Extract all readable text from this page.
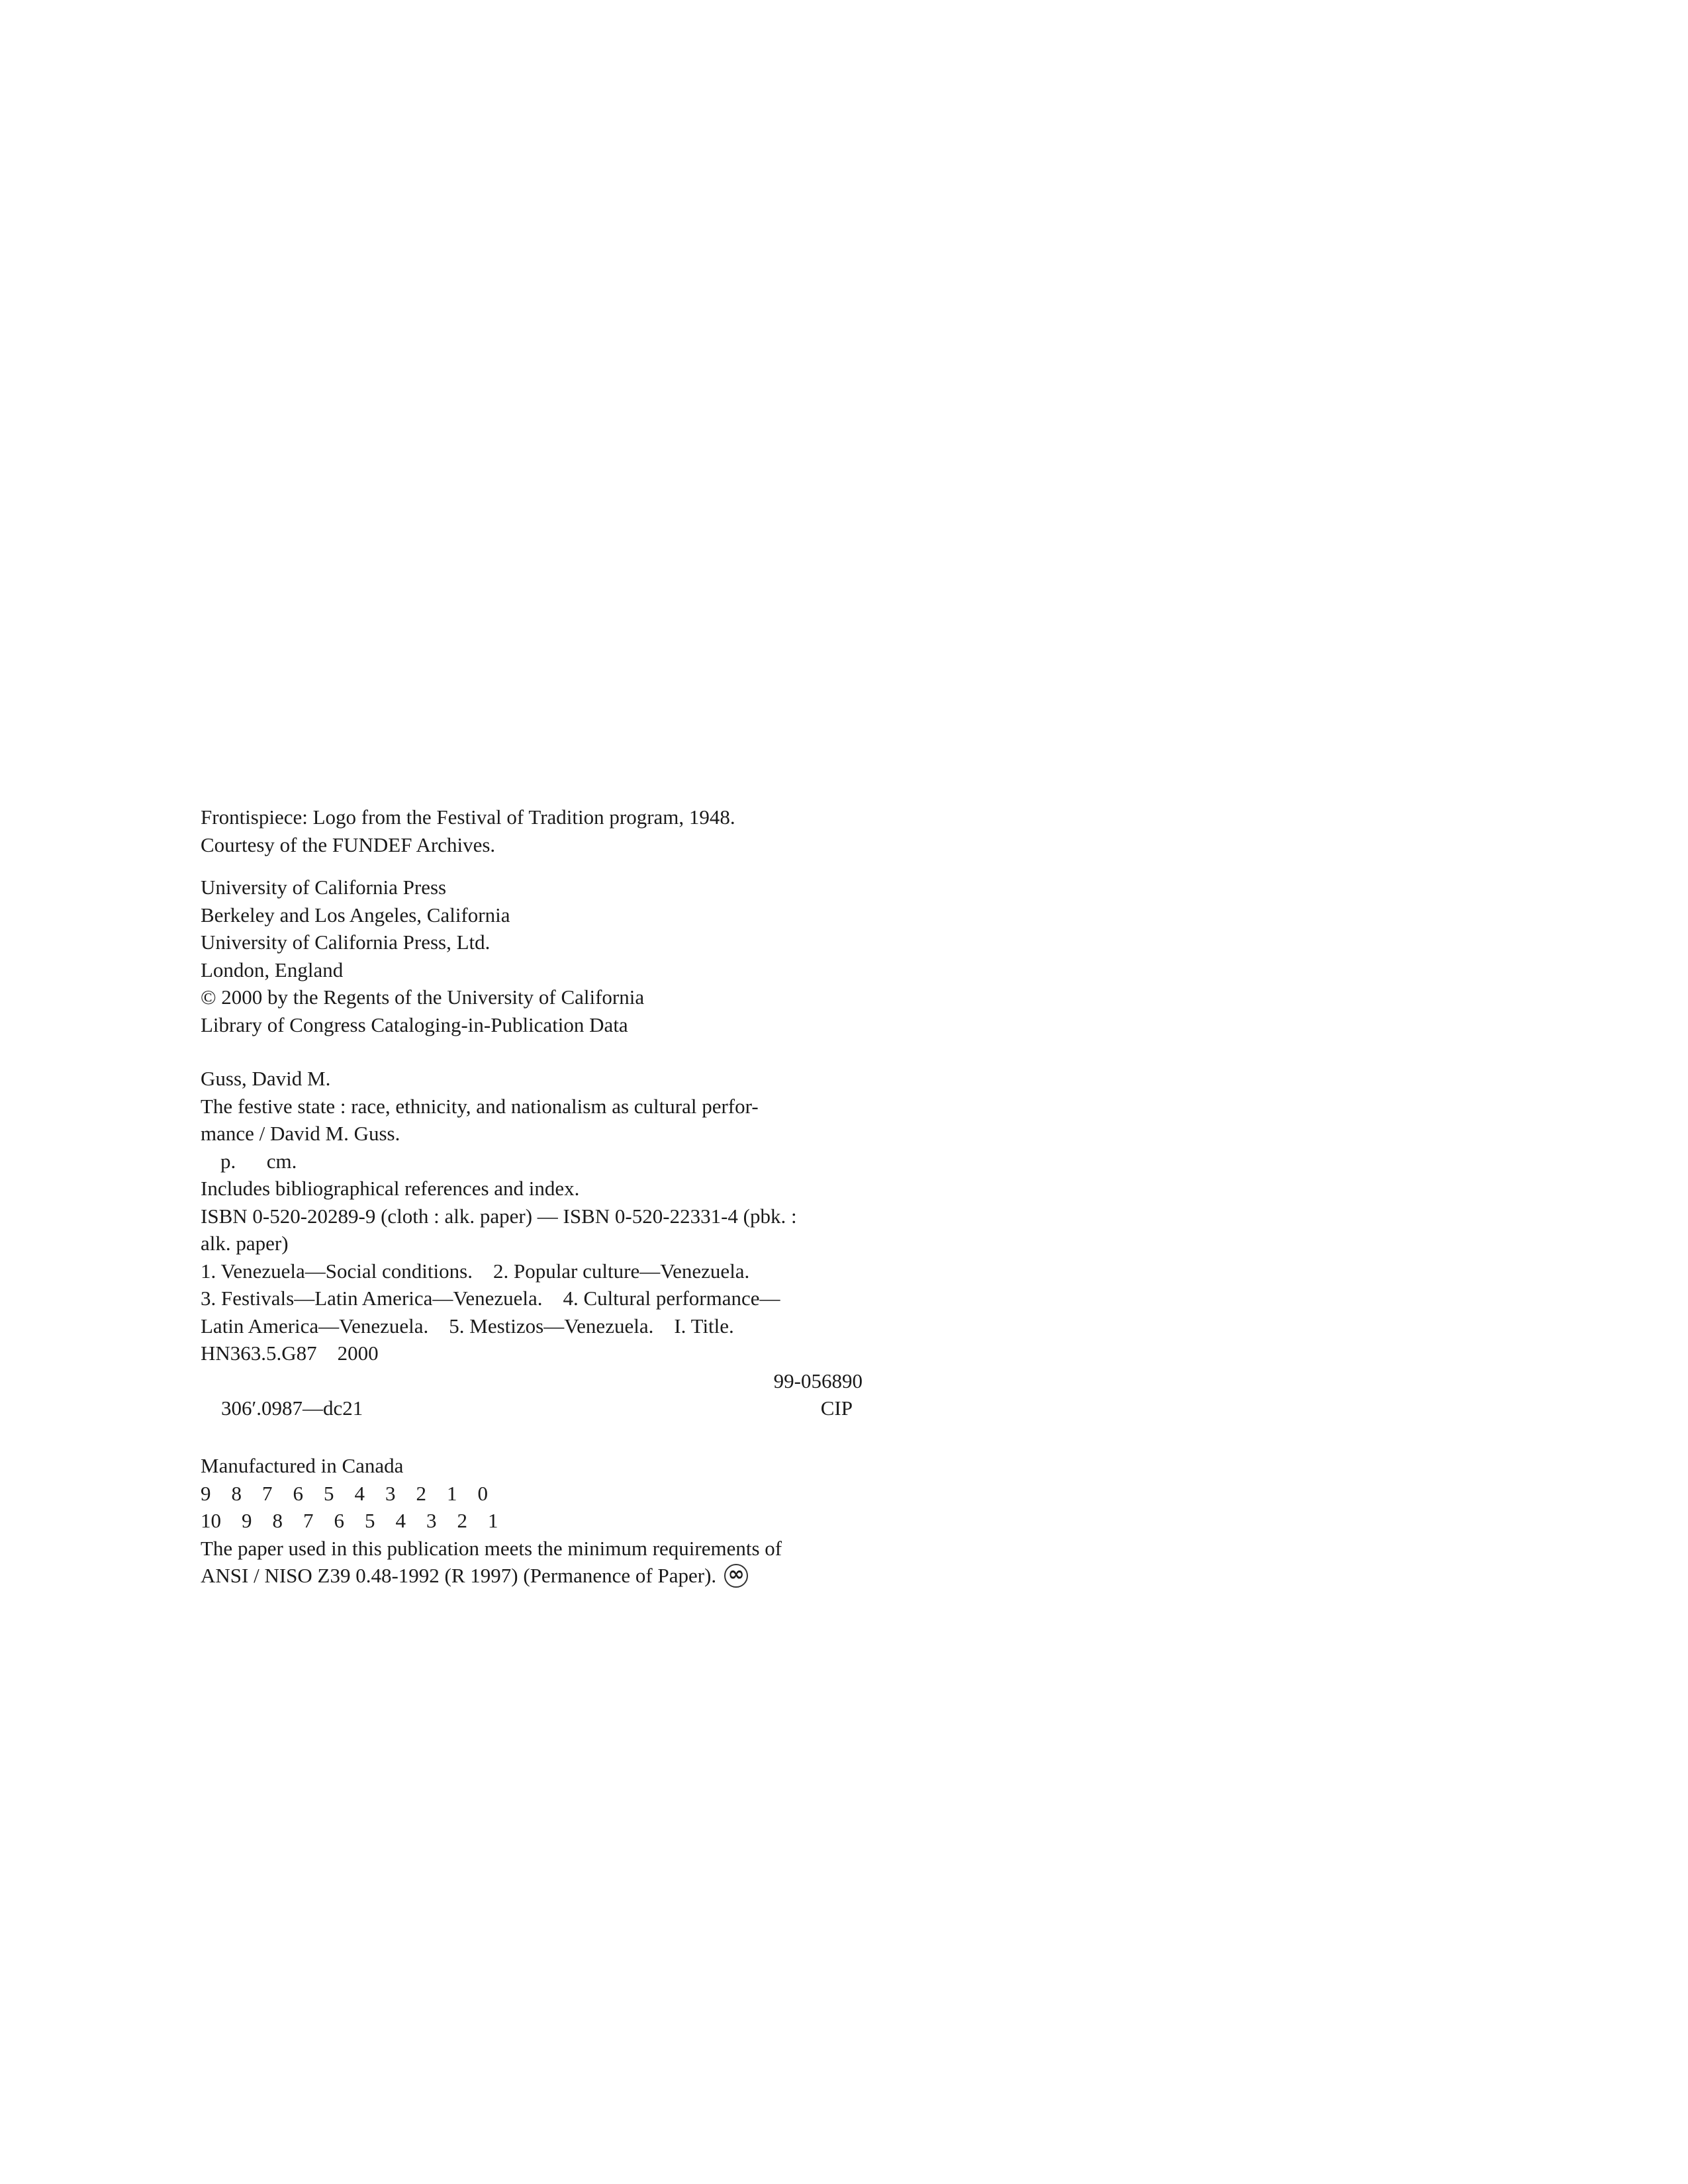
Frontispiece: Logo from the Festival of Tradition program, 1948.
Courtesy of the FUNDEF Archives.
University of California Press
Berkeley and Los Angeles, California
University of California Press, Ltd.
London, England
© 2000 by the Regents of the University of California
Library of Congress Cataloging-in-Publication Data
Guss, David M.
The festive state : race, ethnicity, and nationalism as cultural perfor-
mance / David M. Guss.
p.      cm.
Includes bibliographical references and index.
ISBN 0-520-20289-9 (cloth : alk. paper) — ISBN 0-520-22331-4 (pbk. :
alk. paper)
1. Venezuela—Social conditions.    2. Popular culture—Venezuela.
3. Festivals—Latin America—Venezuela.    4. Cultural performance—
Latin America—Venezuela.    5. Mestizos—Venezuela.    I. Title.
HN363.5.G87    2000

306′.0987—dc21

99-056890

CIP

Manufactured in Canada
9    8    7    6    5    4    3    2    1    0
10    9    8    7    6    5    4    3    2    1
The paper used in this publication meets the minimum requirements of
ANSI / NISO Z39 0.48-1992 (R 1997) (Permanence of Paper).∞
